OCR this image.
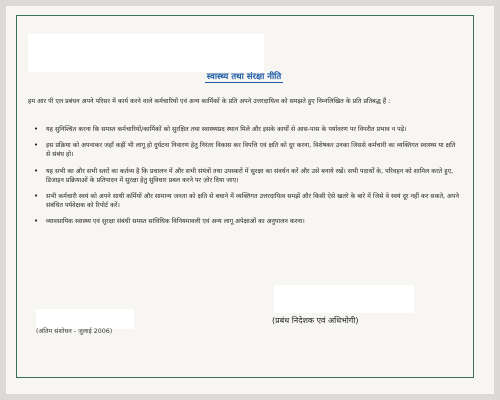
स्वास्थ्य तथा संरक्षा नीति
हम आर पी एल प्रबंधन अपने परिसर में कार्य करने वाले कर्मचारियों एवं अन्य कार्मिकों के प्रति अपने उत्तरदायित्व को समझते हुए निम्नलिखित के प्रति प्रतिबद्ध हैं :
• यह सुनिश्चित करना कि समस्त कर्मचारियों/कार्मिकों को सुरक्षित तथा स्वास्थ्यप्रद स्थान मिले और इसके कार्यों से आस-पास के पर्यावरण पर विपरीत प्रभाव न पड़े।
• इस प्रक्रिया को अपनाकर जहाँ कहीं भी लागू हो दुर्घटना निवारण हेतु निरंतर विकास कर विपत्ति एवं क्षति को दूर करना, विशेषकर उनका जिससे कर्मचारी का व्यक्तिगत स्वास्थ्य या क्षति से संबंध हो।
• यह सभी का और सभी स्तरों का कर्तव्य है कि प्रचालन में और सभी संयंत्रों तथा उपस्करों में सुरक्षा का संवर्धन करें और उसे बनाये रखें। सभी पदार्थों के, परिवहन को शामिल करते हुए, डिजाइन प्रक्रियाओं के प्रतिपादन में सुरक्षा हेतु सुविचार प्रबल करने पर ज़ोर दिया जाए।
• सभी कर्मचारी स्वयं को अपने साथी कर्मियों और सामान्य जनता को क्षति से बचाने में व्यक्तिगत उत्तरदायित्व समझें और किसी ऐसे खतरे के बारे में जिसे वे स्वयं दूर नहीं कर सकते, अपने संबंधित पर्यवेक्षक को रिपोर्ट करें।
• व्यावसायिक स्वास्थ्य एवं सुरक्षा संबंधी समस्त सांविधिक विनियमावली एवं अन्य लागू अपेक्षाओं का अनुपालन करना।
(प्रबंध निदेशक एवं अधिभोगी)
(अंतिम संशोधन - जुलाई 2006)
